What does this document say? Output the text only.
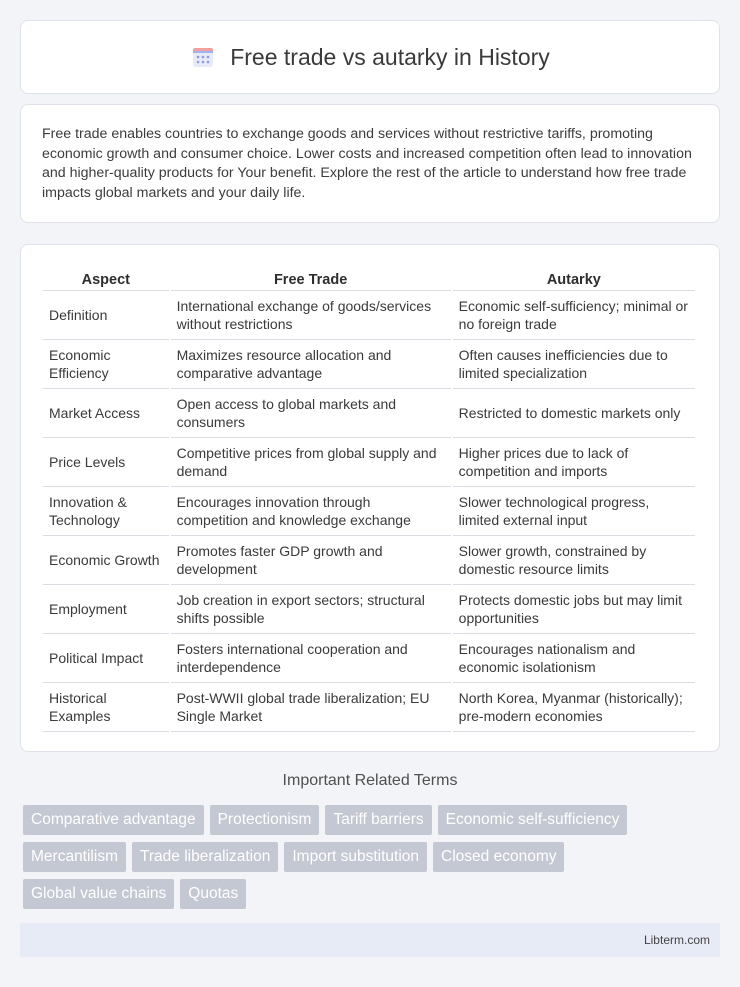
Free trade vs autarky in History

Free trade enables countries to exchange goods and services without restrictive tariffs, promoting economic growth and consumer choice. Lower costs and increased competition often lead to innovation and higher-quality products for Your benefit. Explore the rest of the article to understand how free trade impacts global markets and your daily life.

Aspect	Free Trade	Autarky
Definition	International exchange of goods/services without restrictions	Economic self-sufficiency; minimal or no foreign trade
Economic Efficiency	Maximizes resource allocation and comparative advantage	Often causes inefficiencies due to limited specialization
Market Access	Open access to global markets and consumers	Restricted to domestic markets only
Price Levels	Competitive prices from global supply and demand	Higher prices due to lack of competition and imports
Innovation & Technology	Encourages innovation through competition and knowledge exchange	Slower technological progress, limited external input
Economic Growth	Promotes faster GDP growth and development	Slower growth, constrained by domestic resource limits
Employment	Job creation in export sectors; structural shifts possible	Protects domestic jobs but may limit opportunities
Political Impact	Fosters international cooperation and interdependence	Encourages nationalism and economic isolationism
Historical Examples	Post-WWII global trade liberalization; EU Single Market	North Korea, Myanmar (historically); pre-modern economies
Important Related Terms
Comparative advantage	Protectionism	Tariff barriers	Economic self-sufficiency
Mercantilism	Trade liberalization	Import substitution	Closed economy
Global value chains	Quotas
Libterm.com
